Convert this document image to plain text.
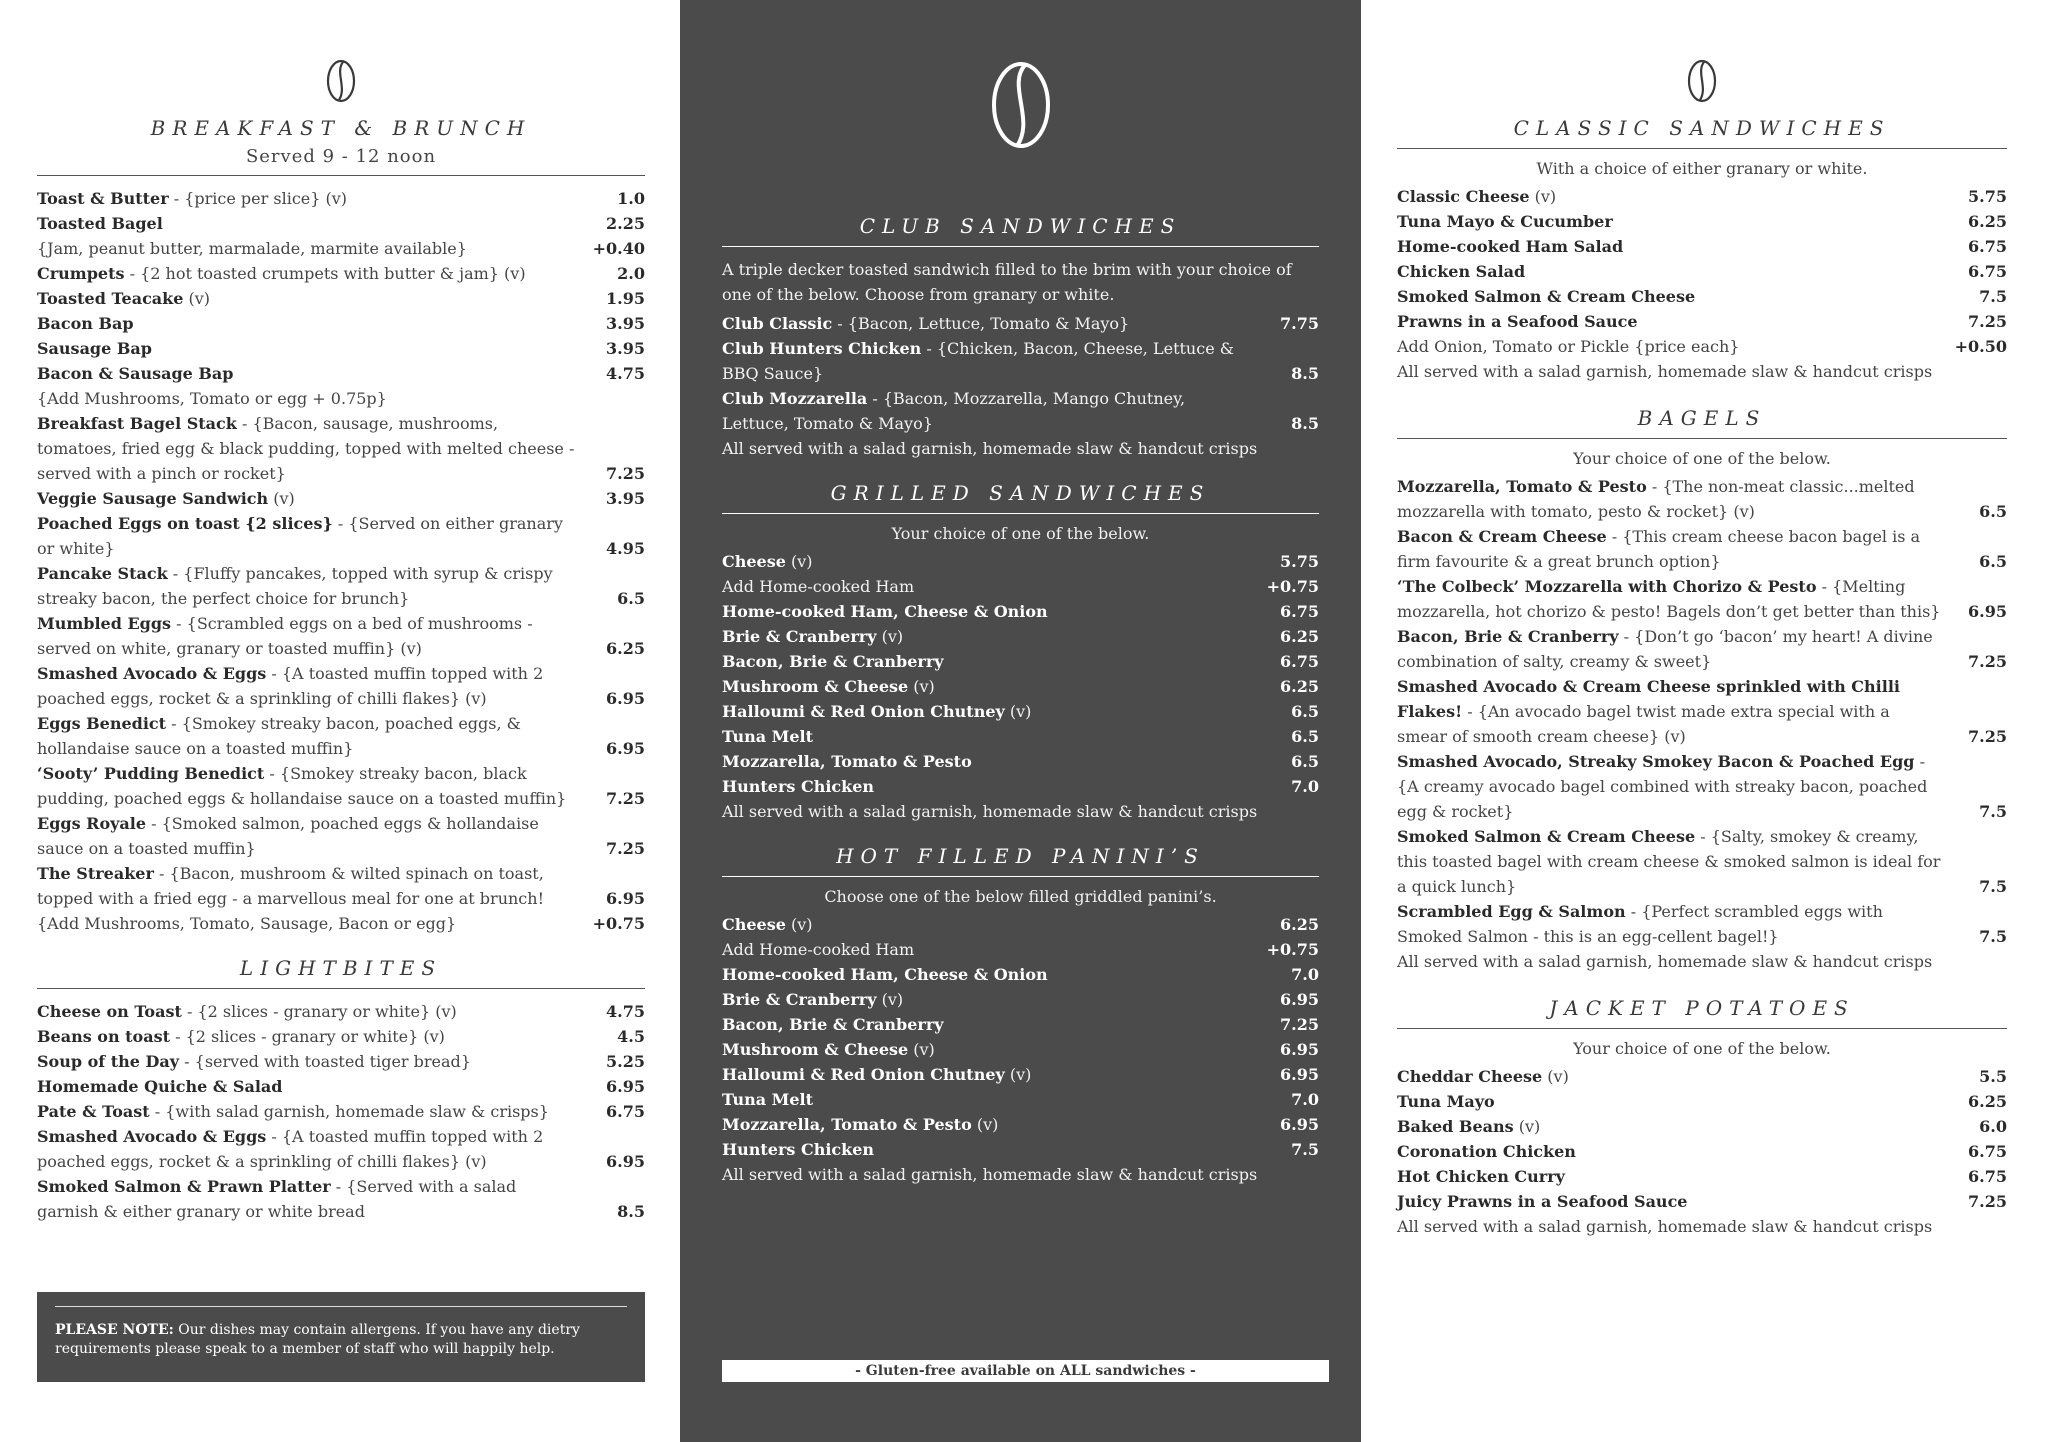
BREAKFAST & BRUNCH
Served 9 - 12 noon
Toast & Butter - {price per slice} (v)	1.0
Toasted Bagel	2.25
{Jam, peanut butter, marmalade, marmite available}	+0.40
Crumpets - {2 hot toasted crumpets with butter & jam} (v)	2.0
Toasted Teacake (v)	1.95
Bacon Bap	3.95
Sausage Bap	3.95
Bacon & Sausage Bap	4.75
{Add Mushrooms, Tomato or egg + 0.75p}
Breakfast Bagel Stack - {Bacon, sausage, mushrooms, tomatoes, fried egg & black pudding, topped with melted cheese - served with a pinch or rocket}	7.25
Veggie Sausage Sandwich (v)	3.95
Poached Eggs on toast {2 slices} - {Served on either granary or white}	4.95
Pancake Stack - {Fluffy pancakes, topped with syrup & crispy streaky bacon, the perfect choice for brunch}	6.5
Mumbled Eggs - {Scrambled eggs on a bed of mushrooms - served on white, granary or toasted muffin} (v)	6.25
Smashed Avocado & Eggs - {A toasted muffin topped with 2 poached eggs, rocket & a sprinkling of chilli flakes} (v)	6.95
Eggs Benedict - {Smokey streaky bacon, poached eggs, & hollandaise sauce on a toasted muffin}	6.95
‘Sooty’ Pudding Benedict - {Smokey streaky bacon, black pudding, poached eggs & hollandaise sauce on a toasted muffin}	7.25
Eggs Royale - {Smoked salmon, poached eggs & hollandaise sauce on a toasted muffin}	7.25
The Streaker - {Bacon, mushroom & wilted spinach on toast, topped with a fried egg - a marvellous meal for one at brunch!	6.95
{Add Mushrooms, Tomato, Sausage, Bacon or egg}	+0.75
LIGHTBITES
Cheese on Toast - {2 slices - granary or white} (v)	4.75
Beans on toast - {2 slices - granary or white} (v)	4.5
Soup of the Day - {served with toasted tiger bread}	5.25
Homemade Quiche & Salad	6.95
Pate & Toast - {with salad garnish, homemade slaw & crisps}	6.75
Smashed Avocado & Eggs - {A toasted muffin topped with 2 poached eggs, rocket & a sprinkling of chilli flakes} (v)	6.95
Smoked Salmon & Prawn Platter - {Served with a salad garnish & either granary or white bread	8.5

PLEASE NOTE: Our dishes may contain allergens. If you have any dietry requirements please speak to a member of staff who will happily help.

CLUB SANDWICHES
A triple decker toasted sandwich filled to the brim with your choice of one of the below. Choose from granary or white.
Club Classic - {Bacon, Lettuce, Tomato & Mayo}	7.75
Club Hunters Chicken - {Chicken, Bacon, Cheese, Lettuce & BBQ Sauce}	8.5
Club Mozzarella - {Bacon, Mozzarella, Mango Chutney, Lettuce, Tomato & Mayo}	8.5
All served with a salad garnish, homemade slaw & handcut crisps
GRILLED SANDWICHES
Your choice of one of the below.
Cheese (v)	5.75
Add Home-cooked Ham	+0.75
Home-cooked Ham, Cheese & Onion	6.75
Brie & Cranberry (v)	6.25
Bacon, Brie & Cranberry	6.75
Mushroom & Cheese (v)	6.25
Halloumi & Red Onion Chutney (v)	6.5
Tuna Melt	6.5
Mozzarella, Tomato & Pesto	6.5
Hunters Chicken	7.0
All served with a salad garnish, homemade slaw & handcut crisps
HOT FILLED PANINI’S
Choose one of the below filled griddled panini’s.
Cheese (v)	6.25
Add Home-cooked Ham	+0.75
Home-cooked Ham, Cheese & Onion	7.0
Brie & Cranberry (v)	6.95
Bacon, Brie & Cranberry	7.25
Mushroom & Cheese (v)	6.95
Halloumi & Red Onion Chutney (v)	6.95
Tuna Melt	7.0
Mozzarella, Tomato & Pesto (v)	6.95
Hunters Chicken	7.5
All served with a salad garnish, homemade slaw & handcut crisps
- Gluten-free available on ALL sandwiches -
CLASSIC SANDWICHES
With a choice of either granary or white.
Classic Cheese (v)	5.75
Tuna Mayo & Cucumber	6.25
Home-cooked Ham Salad	6.75
Chicken Salad	6.75
Smoked Salmon & Cream Cheese	7.5
Prawns in a Seafood Sauce	7.25
Add Onion, Tomato or Pickle {price each}	+0.50
All served with a salad garnish, homemade slaw & handcut crisps
BAGELS
Your choice of one of the below.
Mozzarella, Tomato & Pesto - {The non-meat classic...melted mozzarella with tomato, pesto & rocket} (v)	6.5
Bacon & Cream Cheese - {This cream cheese bacon bagel is a firm favourite & a great brunch option}	6.5
‘The Colbeck’ Mozzarella with Chorizo & Pesto - {Melting mozzarella, hot chorizo & pesto! Bagels don’t get better than this}	6.95
Bacon, Brie & Cranberry - {Don’t go ‘bacon’ my heart! A divine combination of salty, creamy & sweet}	7.25
Smashed Avocado & Cream Cheese sprinkled with Chilli Flakes! - {An avocado bagel twist made extra special with a smear of smooth cream cheese} (v)	7.25
Smashed Avocado, Streaky Smokey Bacon & Poached Egg - {A creamy avocado bagel combined with streaky bacon, poached egg & rocket}	7.5
Smoked Salmon & Cream Cheese - {Salty, smokey & creamy, this toasted bagel with cream cheese & smoked salmon is ideal for a quick lunch}	7.5
Scrambled Egg & Salmon - {Perfect scrambled eggs with Smoked Salmon - this is an egg-cellent bagel!}	7.5
All served with a salad garnish, homemade slaw & handcut crisps
JACKET POTATOES
Your choice of one of the below.
Cheddar Cheese (v)	5.5
Tuna Mayo	6.25
Baked Beans (v)	6.0
Coronation Chicken	6.75
Hot Chicken Curry	6.75
Juicy Prawns in a Seafood Sauce	7.25
All served with a salad garnish, homemade slaw & handcut crisps
